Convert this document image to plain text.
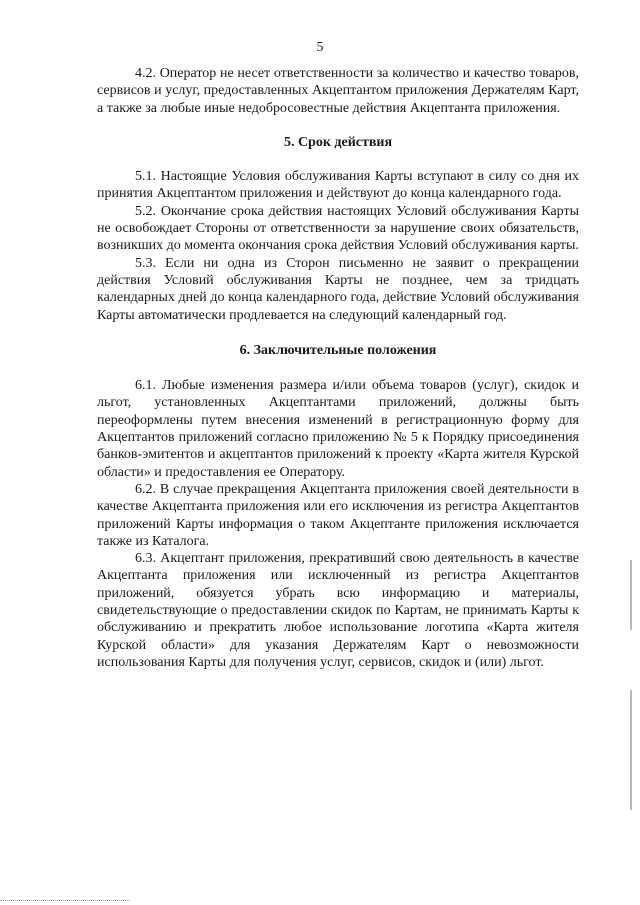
5

4.2. Оператор не несет ответственности за количество и качество товаров, сервисов и услуг, предоставленных Акцептантом приложения Держателям Карт, а также за любые иные недобросовестные действия Акцептанта приложения.

5. Срок действия

5.1. Настоящие Условия обслуживания Карты вступают в силу со дня их принятия Акцептантом приложения и действуют до конца календарного года.

5.2. Окончание срока действия настоящих Условий обслуживания Карты не освобождает Стороны от ответственности за нарушение своих обязательств, возникших до момента окончания срока действия Условий обслуживания карты.

5.3. Если ни одна из Сторон письменно не заявит о прекращении действия Условий обслуживания Карты не позднее, чем за тридцать календарных дней до конца календарного года, действие Условий обслуживания Карты автоматически продлевается на следующий календарный год.

6. Заключительные положения

6.1. Любые изменения размера и/или объема товаров (услуг), скидок и льгот, установленных Акцептантами приложений, должны быть переоформлены путем внесения изменений в регистрационную форму для Акцептантов приложений согласно приложению № 5 к Порядку присоединения банков-эмитентов и акцептантов приложений к проекту «Карта жителя Курской области» и предоставления ее Оператору.

6.2. В случае прекращения Акцептанта приложения своей деятельности в качестве Акцептанта приложения или его исключения из регистра Акцептантов приложений Карты информация о таком Акцептанте приложения исключается также из Каталога.

6.3. Акцептант приложения, прекративший свою деятельность в качестве Акцептанта приложения или исключенный из регистра Акцептантов приложений, обязуется убрать всю информацию и материалы, свидетельствующие о предоставлении скидок по Картам, не принимать Карты к обслуживанию и прекратить любое использование логотипа «Карта жителя Курской области» для указания Держателям Карт о невозможности использования Карты для получения услуг, сервисов, скидок и (или) льгот.
